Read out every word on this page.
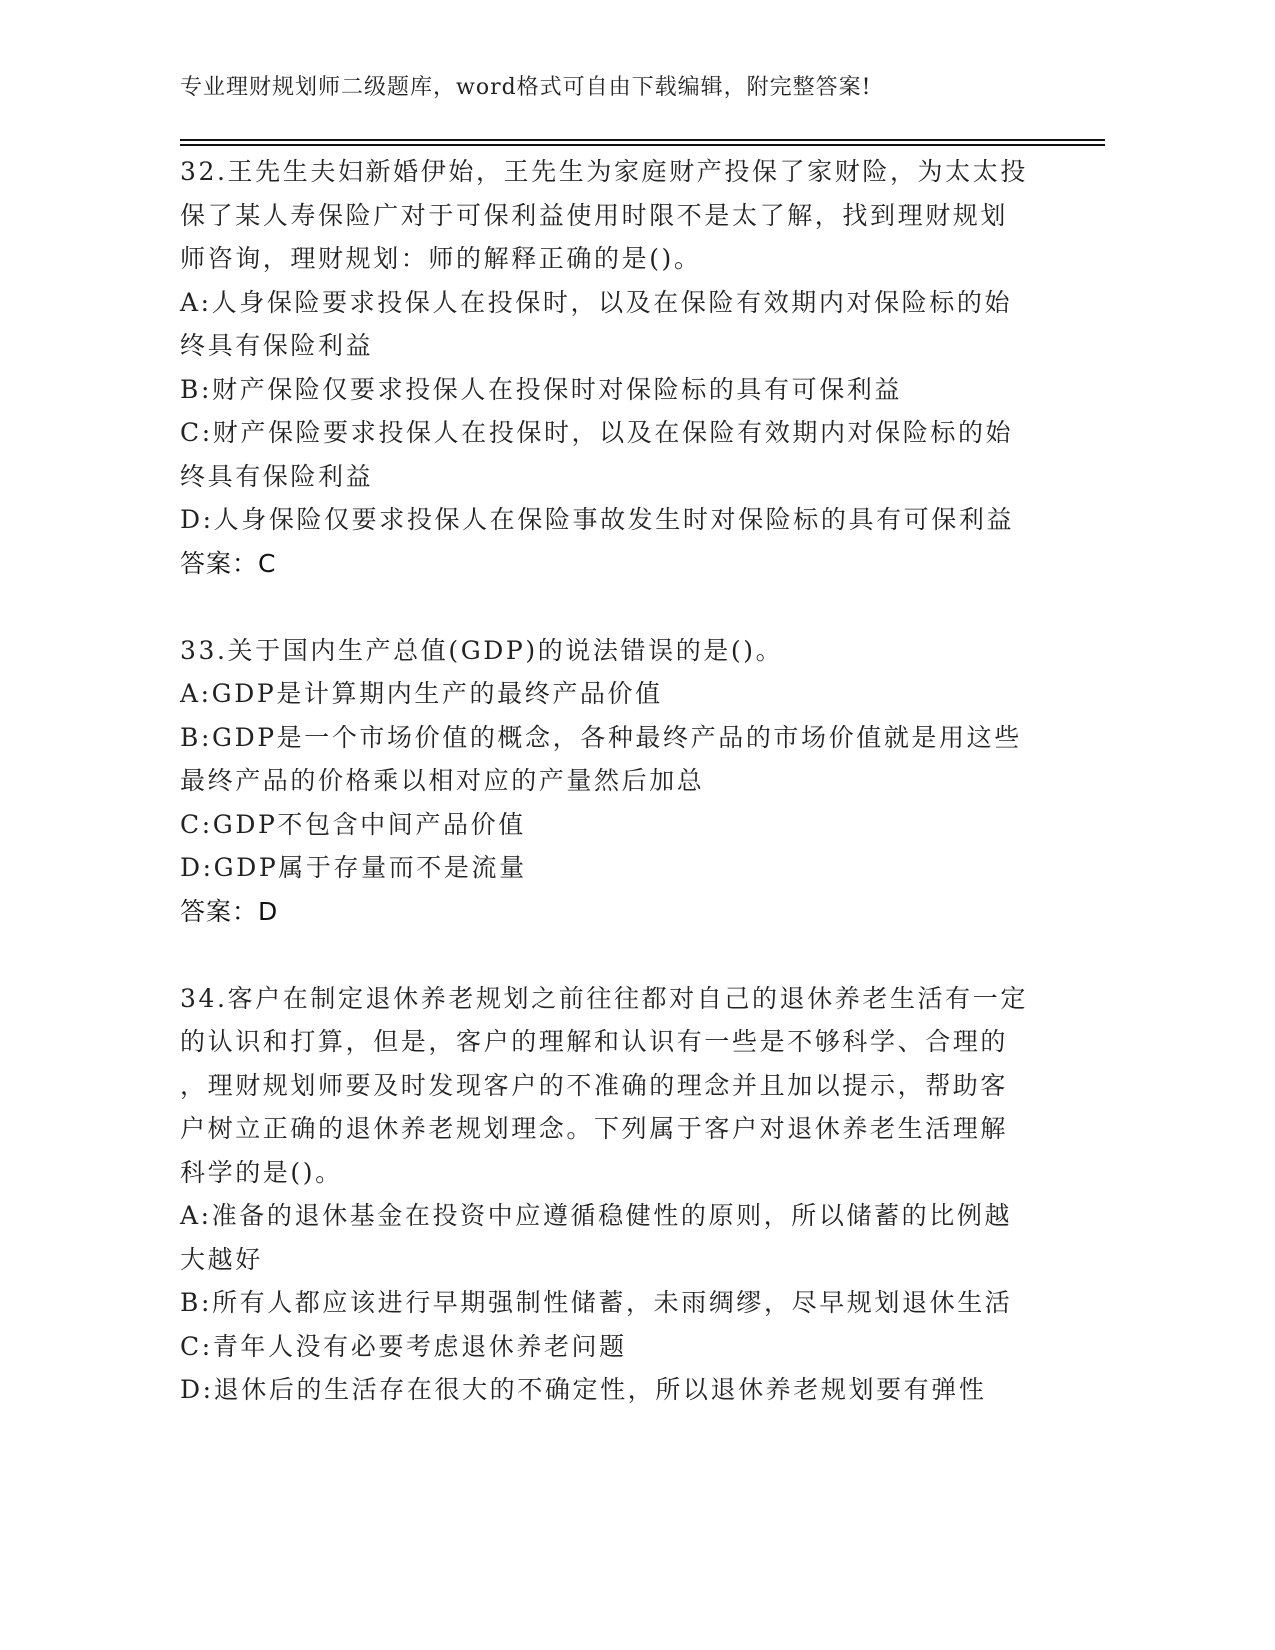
专业理财规划师二级题库，word格式可自由下载编辑，附完整答案!
32.王先生夫妇新婚伊始，王先生为家庭财产投保了家财险，为太太投
保了某人寿保险广对于可保利益使用时限不是太了解，找到理财规划
师咨询，理财规划：师的解释正确的是()。
A:人身保险要求投保人在投保时，以及在保险有效期内对保险标的始
终具有保险利益
B:财产保险仅要求投保人在投保时对保险标的具有可保利益
C:财产保险要求投保人在投保时，以及在保险有效期内对保险标的始
终具有保险利益
D:人身保险仅要求投保人在保险事故发生时对保险标的具有可保利益
答案：C
33.关于国内生产总值(GDP)的说法错误的是()。
A:GDP是计算期内生产的最终产品价值
B:GDP是一个市场价值的概念，各种最终产品的市场价值就是用这些
最终产品的价格乘以相对应的产量然后加总
C:GDP不包含中间产品价值
D:GDP属于存量而不是流量
答案：D
34.客户在制定退休养老规划之前往往都对自己的退休养老生活有一定
的认识和打算，但是，客户的理解和认识有一些是不够科学、合理的
，理财规划师要及时发现客户的不准确的理念并且加以提示，帮助客
户树立正确的退休养老规划理念。下列属于客户对退休养老生活理解
科学的是()。
A:准备的退休基金在投资中应遵循稳健性的原则，所以储蓄的比例越
大越好
B:所有人都应该进行早期强制性储蓄，未雨绸缪，尽早规划退休生活
C:青年人没有必要考虑退休养老问题
D:退休后的生活存在很大的不确定性，所以退休养老规划要有弹性
